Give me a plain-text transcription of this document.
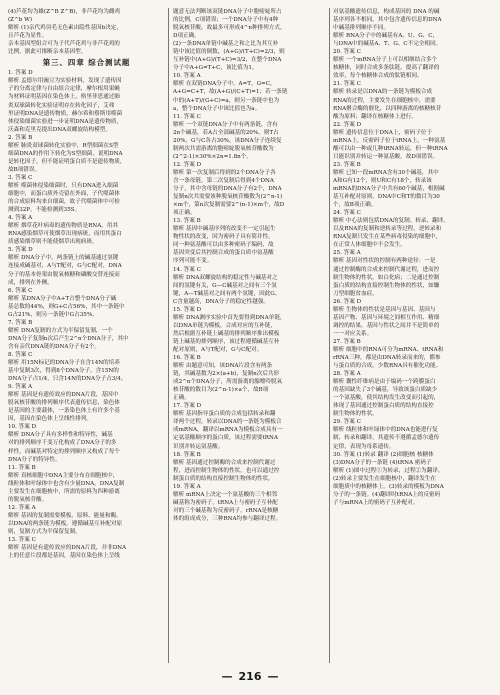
(4)芦花均为雄(Z^B Z^B)，非芦花均为雌鸡
(Z^b W)
解析 (1)亲代鸡羽毛无色素由隐性基因b决定，
且芦花为显性。
亲本基因型组合可为子代芦花鸡与非芦花鸡的
比例，据此可推断亲本基因型。
第三、四章 综合测试题
1. 答案 D
解析 孟德尔用豌豆为实验材料，发现了遗传因
子的分离定律与自由组合定律，摩尔根用果蝇
为材料证明基因在染色体上，格里菲思通过肺
炎双球菌转化实验证明存在转化因子，艾弗
里证明DNA是遗传物质，赫尔希和蔡斯用噬菌
体侵染细菌实验进一步证明DNA是遗传物质，
沃森和克里克提出DNA双螺旋结构模型。
2. 答案 B
解析 肺炎双球菌转化实验中，R型细菌在S型
细菌DNA的作用下转化为S型细菌，说明DNA
是转化因子，但不能证明蛋白质不是遗传物质，
故B项错误。
3. 答案 C
解析 噬菌体侵染细菌时，只有DNA进入细菌
细胞中，而蛋白质外壳留在外面，子代噬菌体
的合成原料均来自细菌，故子代噬菌体中可检
测到32P，不能检测到35S。
4. 答案 A
解析 烟草花叶病毒的遗传物质是RNA，用其
RNA感染烟草可使烟草出现病斑，而用其蛋白
质感染烟草则不能使烟草出现病斑。
5. 答案 D
解析 DNA分子中，两条链上的碱基通过氢键
连接成碱基对，A与T配对，G与C配对，DNA
分子的基本骨架由脱氧核糖和磷酸交替连接而
成，排列在外侧。
6. 答案 C
解析 某DNA分子中A+T占整个DNA分子碱
基总数的44%，则G+C占56%，其中一条链中
G占21%，则另一条链中G占35%。
7. 答案 B
解析 DNA复制的方式为半保留复制，一个
DNA分子复制n次后产生2^n个DNA分子，其中
含有亲代DNA链的DNA分子有2个。
8. 答案 C
解析 用15N标记的DNA分子在含14N的培养
基中复制3次，得到8个DNA分子，含15N的
DNA分子占1/4，只含14N的DNA分子占3/4。
9. 答案 A
解析 基因是有遗传效应的DNA片段，基因中
脱氧核苷酸的排列顺序代表遗传信息，染色体
是基因的主要载体，一条染色体上有许多个基
因，基因在染色体上呈线性排列。
10. 答案 D
解析 DNA分子具有多样性和特异性，碱基
对的排列顺序千变万化构成了DNA分子的多
样性，而碱基对特定的排列顺序又构成了每个
DNA分子的特异性。
11. 答案 B
解析 真核细胞中DNA主要分布在细胞核中，
线粒体和叶绿体中也含有少量DNA，DNA复制
主要发生在细胞核中，所需的原料为四种游离
的脱氧核苷酸。
12. 答案 A
解析 基因的复制需要模板、原料、能量和酶，
以DNA的两条链为模板，遵循碱基互补配对原
则，复制方式为半保留复制。
13. 答案 C
解析 基因是有遗传效应的DNA片段，并非DNA
上的任意片段都是基因，基因在染色体上呈线
题意无法判断该双链DNA分子中胞嘧啶所占
的比例，C项错误；一个DNA分子中有4种
脱氧核苷酸，故最多可形成4^n种排列方式，
D项正确。
(2)一条DNA单链中碱基之和之比为其互补
链中该比值的倒数，(A+G)/(T+C)=2/3，则
互补链中(A+G)/(T+C)=3/2，在整个DNA
分子中A+G=T+C，该比值为1。
10. 答案 A
解析 在双链DNA分子中，A=T，G=C，
A+G=C+T，故(A+G)/(C+T)=1；若一条链
中的(A+T)/(G+C)=a，则另一条链中也为
a，整个DNA分子中该比值也为a。
11. 答案 C
解析 一个双链DNA分子中有两条链，含有
2n个碱基，若A占全部碱基的20%，则T占
20%，G与C各占30%，该DNA分子连续复
制两次共需游离的胞嘧啶脱氧核苷酸数为
(2^2-1)×30%×2n=1.8n个。
12. 答案 D
解析 第一次复制后得到的2个DNA分子各
含一条母链，第二次复制后得到4个DNA
分子，其中含母链的DNA分子有2个，DNA
复制n次共需要该种脱氧核苷酸数为(2^n-1)
×m个，第n次复制需要2^(n-1)×m个，故D
项正确。
13. 答案 B
解析 基因中碱基序列的改变不一定引起生
物性状的改变，因为密码子具有简并性，
同一种氨基酸可以由多种密码子编码，故
基因突变后其控制合成的蛋白质中氨基酸
序列可能不变。
14. 答案 C
解析 DNA双螺旋结构的稳定性与碱基对之
间的氢键有关，G—C碱基对之间有三个氢
键，A—T碱基对之间有两个氢键，因此G、
C含量越高，DNA分子的稳定性越强。
15. 答案 D
解析 DNA测序实验中首先要得到DNA单链，
以DNA单链为模板，合成对应的互补链，
然后根据互补链上碱基的排列顺序推出模板
链上碱基的排列顺序，该过程遵循碱基互补
配对原则，A与T配对，G与C配对。
16. 答案 B
解析 由题意可知，该DNA片段含有两条
链，其碱基数为2×(a+b)，复制n次后共形
成2^n个DNA分子，所需游离的腺嘌呤脱氧
核苷酸的数目为(2^n-1)×a个，故B项
正确。
17. 答案 D
解析 基因指导蛋白质的合成包括转录和翻
译两个过程，转录以DNA的一条链为模板合
成mRNA，翻译以mRNA为模板合成具有一
定氨基酸顺序的蛋白质，该过程需要tRNA
识别并转运氨基酸。
18. 答案 B
解析 基因通过控制酶的合成来控制代谢过
程，进而控制生物体的性状，也可以通过控
制蛋白质的结构直接控制生物体的性状。
19. 答案 A
解析 mRNA上决定一个氨基酸的三个相邻
碱基称为密码子，tRNA上与密码子互补配
对的三个碱基称为反密码子，rRNA是核糖
体的组成成分，三种RNA均参与翻译过程。
对氨基酸遗传信息，构成基因的 DNA 的碱
基序列各不相同，其中包含遗传信息的DNA
中碱基排列顺序不同。
解析 RNA分子中的碱基有A、U、G、C，
与DNA中的碱基A、T、G、C不完全相同。
20. 答案 C
解析 一个mRNA分子上可以相继结合多个
核糖体，同时合成多条肽链，提高了翻译的
效率，每个核糖体合成的肽链相同。
21. 答案 C
解析 转录是以DNA的一条链为模板合成
RNA的过程，主要发生在细胞核中，需要
RNA聚合酶的催化，以四种游离的核糖核苷
酸为原料；翻译在核糖体上进行。
22. 答案 D
解析 遗传信息位于DNA上，密码子位于
mRNA上，反密码子位于tRNA上，一种氨基
酸可以由一种或几种tRNA转运，但一种tRNA
只能识别并转运一种氨基酸，故D项错误。
23. 答案 B
解析 已知一段mRNA含有30个碱基，其中
A和G有12个，则U和C有18个，转录该
mRNA的DNA分子中共有60个碱基，根据碱
基互补配对原则，DNA中C和T的数目为30
个，故B项正确。
24. 答案 C
解析 中心法则包括DNA的复制、转录、翻译，
以及RNA的复制和逆转录等过程，逆转录和
RNA复制只发生在某些病毒侵染的细胞中，
在正常人体细胞中不会发生。
25. 答案 A
解析 基因对性状的控制有两种途径：一是
通过控制酶的合成来控制代谢过程，进而控
制生物体的性状，如白化病；二是通过控制
蛋白质的结构直接控制生物体的性状，如镰
刀型细胞贫血症。
26. 答案 D
解析 生物体的性状是基因与基因、基因与
基因产物、基因与环境之间相互作用、精细
调控的结果，基因与性状之间并不是简单的
一一对应关系。
27. 答案 B
解析 细胞中的RNA可分为mRNA、tRNA和
rRNA三种，都是由DNA转录而来的，都参
与蛋白质的合成，少数RNA具有催化功能。
28. 答案 A
解析 囊性纤维病是由于编码一个跨膜蛋白
的基因缺失了3个碱基，导致该蛋白质缺少
一个氨基酸，使其结构发生改变而引起的，
体现了基因通过控制蛋白质的结构直接控
制生物体的性状。
29. 答案 C
解析 线粒体和叶绿体中的DNA也能进行复
制、转录和翻译，其遗传不遵循孟德尔遗传
定律，表现为母系遗传。
30. 答案 (1)转录 翻译 (2)细胞核 核糖体
(3)DNA分子的一条链 (4)tRNA 密码子
解析 (1)图中过程①为转录，过程②为翻译。
(2)转录主要发生在细胞核中，翻译发生在
细胞质中的核糖体上。(3)转录的模板为DNA
分子的一条链。(4)翻译时tRNA上的反密码
子与mRNA上的密码子互补配对。
— 216 —
